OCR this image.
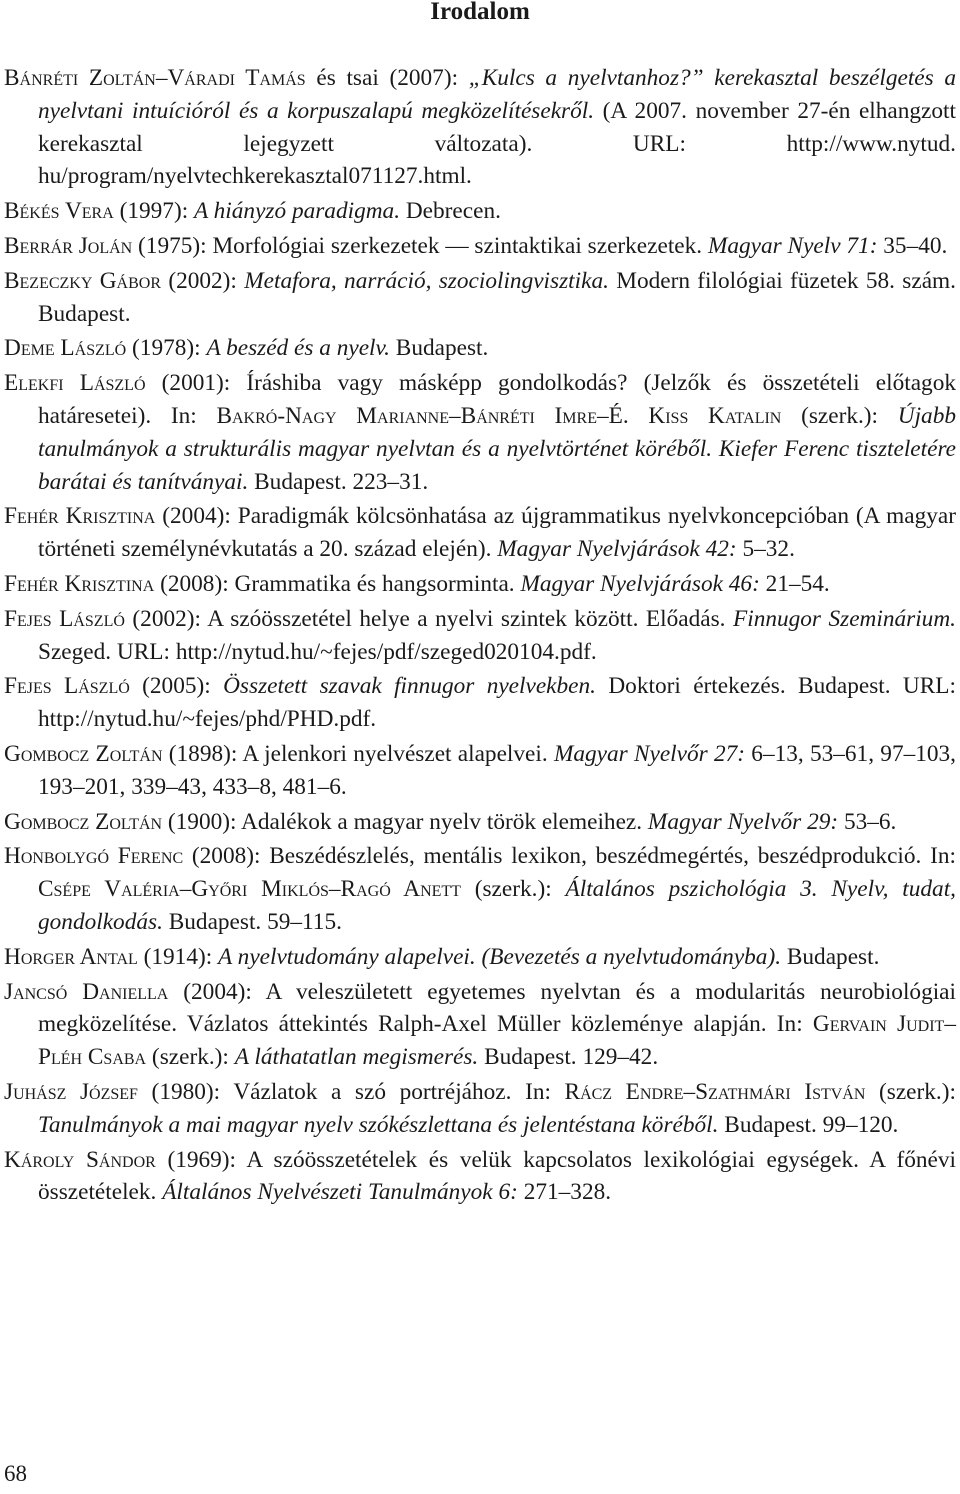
Irodalom
Bánréti Zoltán–Váradi Tamás és tsai (2007): „Kulcs a nyelvtanhoz?” kerekasztal beszélgetés a nyelvtani intuícióról és a korpuszalapú megközelítésekről. (A 2007. november 27-én elhangzott kerekasztal lejegyzett változata). URL: http://www.nytud. hu/program/nyelvtechkerekasztal071127.html.
Békés Vera (1997): A hiányzó paradigma. Debrecen.
Berrár Jolán (1975): Morfológiai szerkezetek — szintaktikai szerkezetek. Magyar Nyelv 71: 35–40.
Bezeczky Gábor (2002): Metafora, narráció, szociolingvisztika. Modern filológiai füzetek 58. szám. Budapest.
Deme László (1978): A beszéd és a nyelv. Budapest.
Elekfi László (2001): Íráshiba vagy másképp gondolkodás? (Jelzők és összetételi előtagok határesetei). In: Bakró-Nagy Marianne–Bánréti Imre–É. Kiss Katalin (szerk.): Újabb tanulmányok a strukturális magyar nyelvtan és a nyelvtörténet köréből. Kiefer Ferenc tiszteletére barátai és tanítványai. Budapest. 223–31.
Fehér Krisztina (2004): Paradigmák kölcsönhatása az újgrammatikus nyelvkoncepcióban (A magyar történeti személynévkutatás a 20. század elején). Magyar Nyelvjárások 42: 5–32.
Fehér Krisztina (2008): Grammatika és hangsorminta. Magyar Nyelvjárások 46: 21–54.
Fejes László (2002): A szóösszetétel helye a nyelvi szintek között. Előadás. Finnugor Szeminárium. Szeged. URL: http://nytud.hu/~fejes/pdf/szeged020104.pdf.
Fejes László (2005): Összetett szavak finnugor nyelvekben. Doktori értekezés. Budapest. URL: http://nytud.hu/~fejes/phd/PHD.pdf.
Gombocz Zoltán (1898): A jelenkori nyelvészet alapelvei. Magyar Nyelvőr 27: 6–13, 53–61, 97–103, 193–201, 339–43, 433–8, 481–6.
Gombocz Zoltán (1900): Adalékok a magyar nyelv török elemeihez. Magyar Nyelvőr 29: 53–6.
Honbolygó Ferenc (2008): Beszédészlelés, mentális lexikon, beszédmegértés, beszédprodukció. In: Csépe Valéria–Győri Miklós–Ragó Anett (szerk.): Általános pszichológia 3. Nyelv, tudat, gondolkodás. Budapest. 59–115.
Horger Antal (1914): A nyelvtudomány alapelvei. (Bevezetés a nyelvtudományba). Budapest.
Jancsó Daniella (2004): A veleszületett egyetemes nyelvtan és a modularitás neurobiológiai megközelítése. Vázlatos áttekintés Ralph-Axel Müller közleménye alapján. In: Gervain Judit–Pléh Csaba (szerk.): A láthatatlan megismerés. Budapest. 129–42.
Juhász József (1980): Vázlatok a szó portréjához. In: Rácz Endre–Szathmári István (szerk.): Tanulmányok a mai magyar nyelv szókészlettana és jelentéstana köréből. Budapest. 99–120.
Károly Sándor (1969): A szóösszetételek és velük kapcsolatos lexikológiai egységek. A főnévi összetételek. Általános Nyelvészeti Tanulmányok 6: 271–328.
68
